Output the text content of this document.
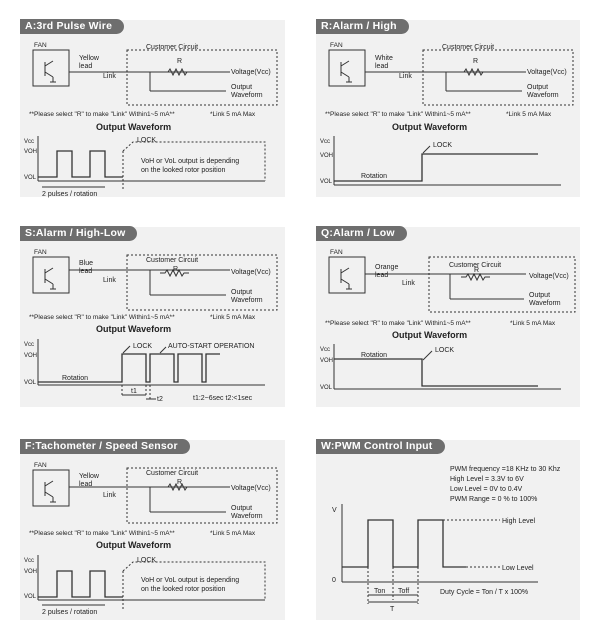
A:3rd Pulse Wire
FAN
Yellow
lead
Link
Customer Circuit
R
Voltage(Vcc)
Output
Waveform
**Please select "R" to make "Link" Within1~5 mA**	*Link 5 mA Max
Output Waveform
Vcc
VOH
VOL
LOCK
VoH or VoL output is depending
on the looked rotor position
2 pulses / rotation
R:Alarm / High
FAN
White
lead
Link
Customer Circuit
R
Voltage(Vcc)
Output
Waveform
**Please select "R" to make "Link" Within1~5 mA**	*Link 5 mA Max
Output Waveform
Vcc
VOH
VOL
LOCK
Rotation
S:Alarm / High-Low
FAN
Blue
lead
Link
Customer Circuit
R	Voltage(Vcc)
Output
Waveform
**Please select "R" to make "Link" Within1~5 mA**	*Link 5 mA Max
Output Waveform
Vcc
VOH
VOL
LOCK AUTO-START OPERATION
Rotation
t1
t2	t1:2~6sec t2:<1sec
Q:Alarm / Low
FAN
Orange
lead
Link
Customer Circuit
R
Voltage(Vcc)
Output
Waveform
**Please select "R" to make "Link" Within1~5 mA**	*Link 5 mA Max
Output Waveform
Vcc
VOH
VOL
LOCK
Rotation
F:Tachometer / Speed Sensor
FAN
Yellow
lead
Link
Customer Circuit
R
Voltage(Vcc)
Output
Waveform
**Please select "R" to make "Link" Within1~5 mA**	*Link 5 mA Max
Output Waveform
Vcc
VOH
VOL
LOCK
VoH or VoL output is depending
on the looked rotor position
2 pulses / rotation
W:PWM Control Input
PWM frequency =18 KHz to 30 Khz
High Level = 3.3V to 6V
Low Level = 0V to 0.4V
PWM Range = 0 % to 100%
V
0
High Level
Low Level
Ton Toff
T
Duty Cycle = Ton / T x 100%
